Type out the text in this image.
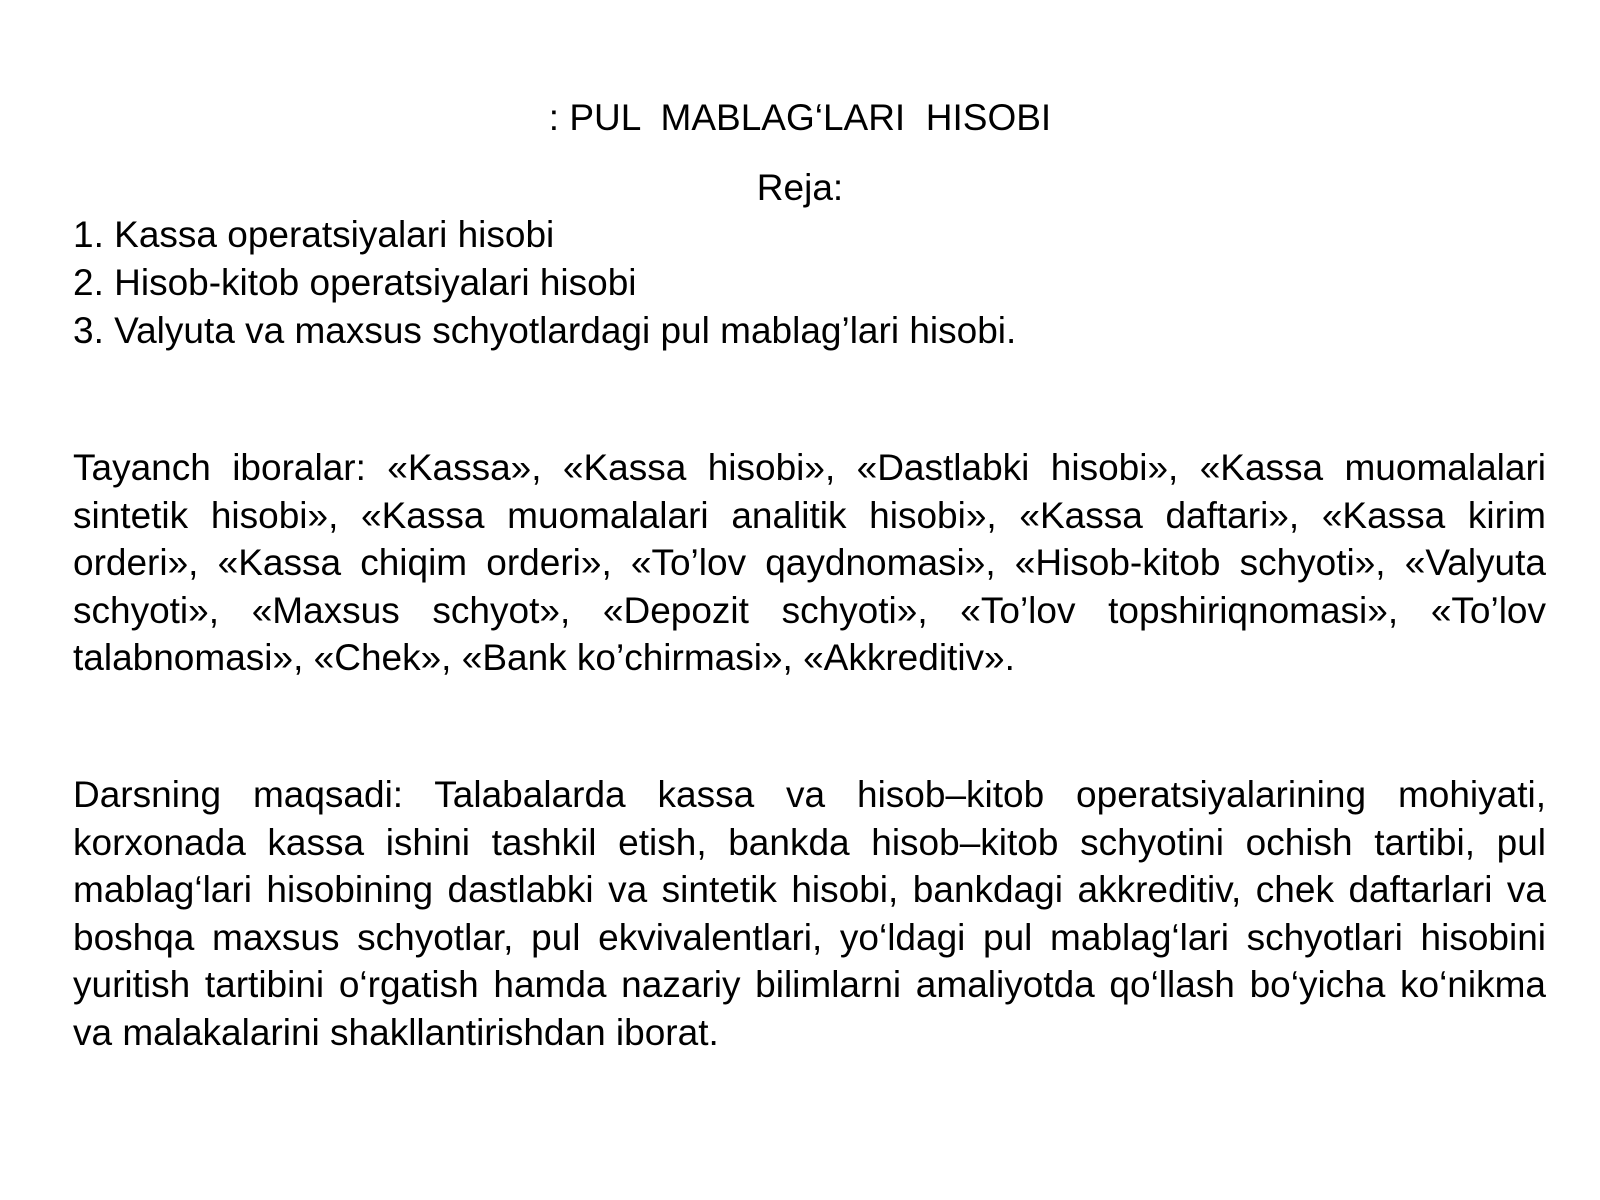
: PUL  MABLAG‘LARI  HISOBI
Reja:
1. Kassa operatsiyalari hisobi
2. Hisob-kitob operatsiyalari hisobi
3. Valyuta va maxsus schyotlardagi pul mablag’lari hisobi.

Tayanch iboralar: «Kassa», «Kassa hisobi», «Dastlabki hisobi», «Kassa muomalalari sintetik hisobi», «Kassa muomalalari analitik hisobi», «Kassa daftari», «Kassa kirim orderi», «Kassa chiqim orderi», «To’lov qaydnomasi», «Hisob-kitob schyoti», «Valyuta schyoti», «Maxsus schyot», «Depozit schyoti», «To’lov topshiriqnomasi», «To’lov talabnomasi», «Chek», «Bank ko’chirmasi», «Akkreditiv».

Darsning maqsadi: Talabalarda kassa va hisob–kitob operatsiyalarining mohiyati, korxonada kassa ishini tashkil etish, bankda hisob–kitob schyotini ochish tartibi, pul mablag‘lari hisobining dastlabki va sintetik hisobi, bankdagi akkreditiv, chek daftarlari va boshqa maxsus schyotlar, pul ekvivalentlari, yo‘ldagi pul mablag‘lari schyotlari hisobini yuritish tartibini o‘rgatish hamda nazariy bilimlarni amaliyotda qo‘llash bo‘yicha ko‘nikma va malakalarini shakllantirishdan iborat.
